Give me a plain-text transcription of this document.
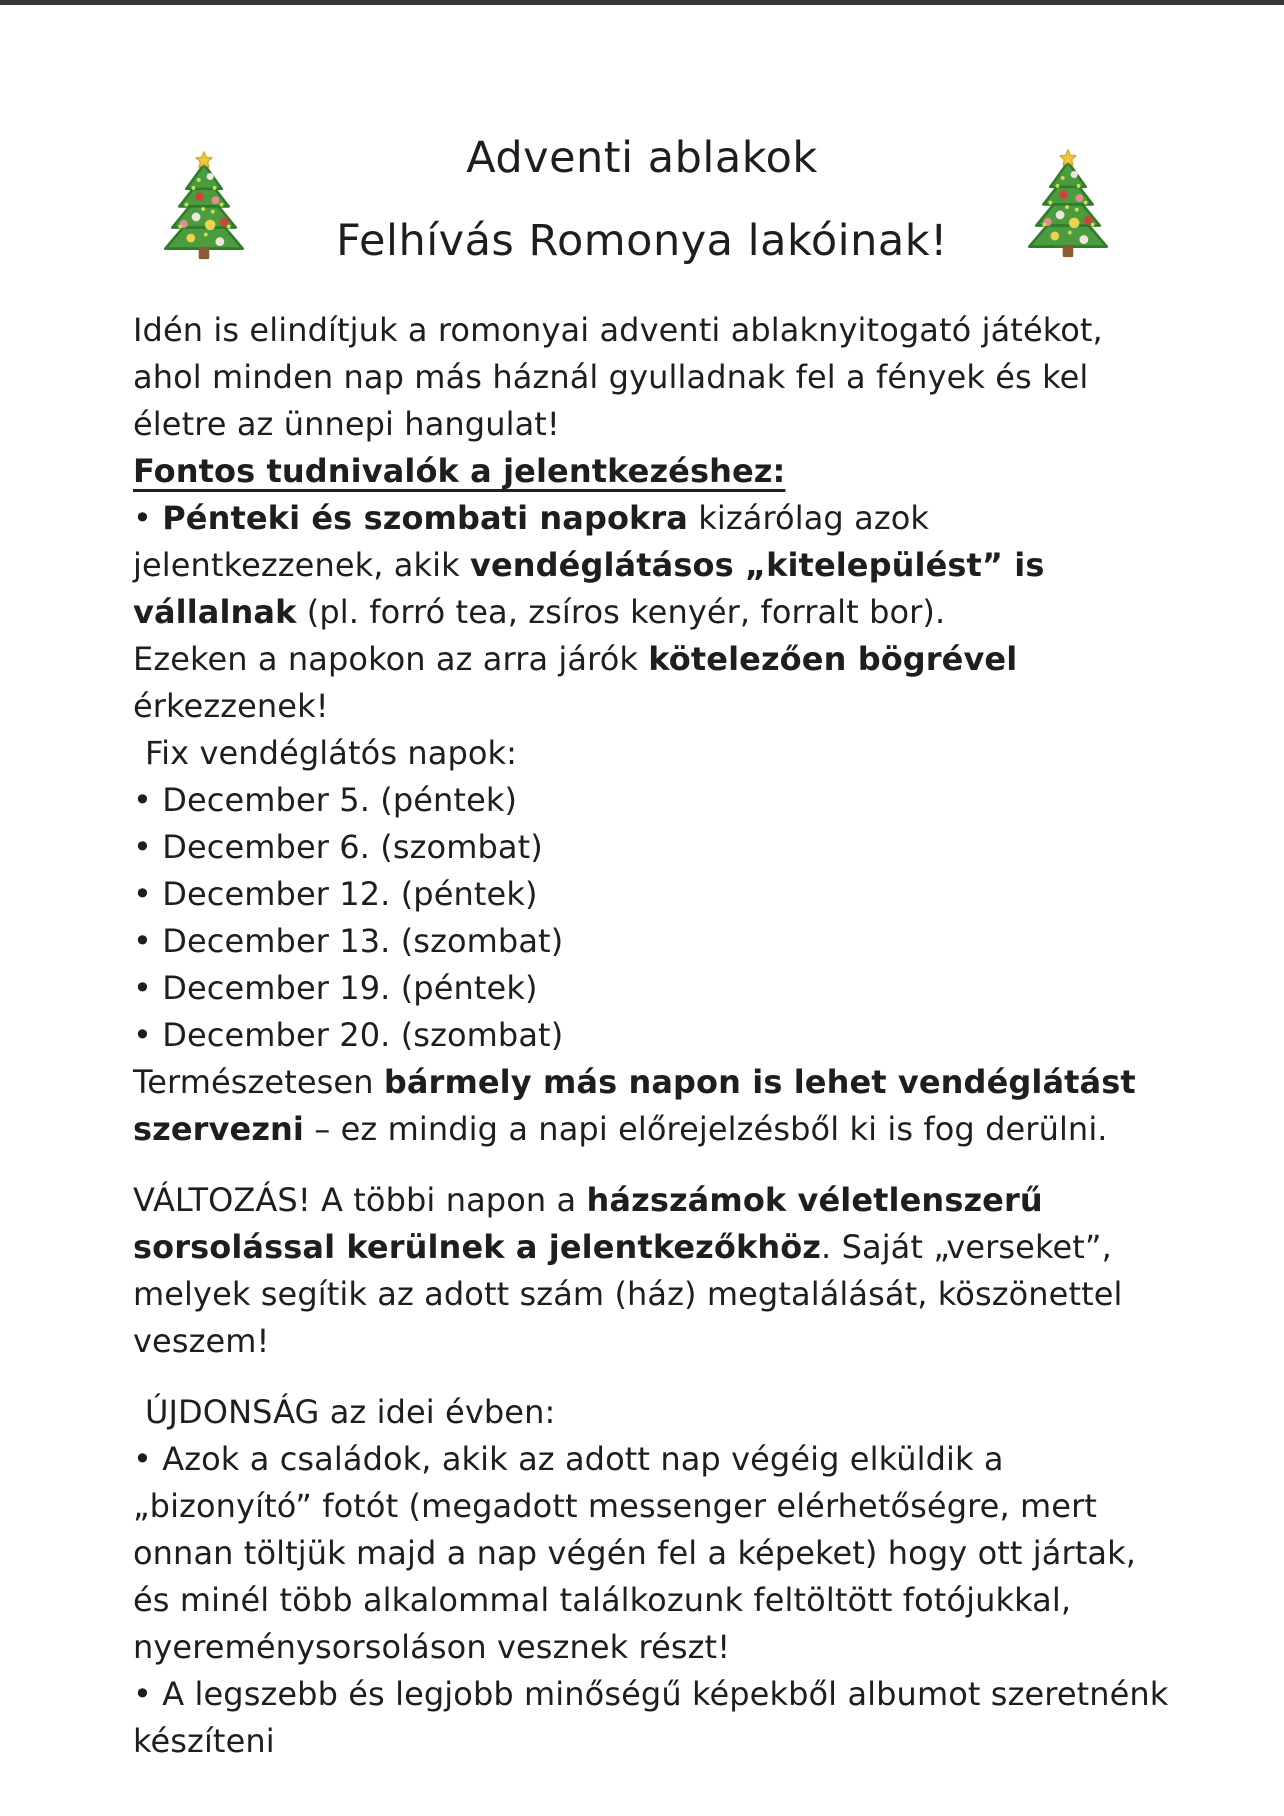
Adventi ablakok
Felhívás Romonya lakóinak!

Idén is elindítjuk a romonyai adventi ablaknyitogató játékot, ahol minden nap más háznál gyulladnak fel a fények és kel életre az ünnepi hangulat!

Fontos tudnivalók a jelentkezéshez:

• Pénteki és szombati napokra kizárólag azok jelentkezzenek, akik vendéglátásos „kitelepülést” is vállalnak (pl. forró tea, zsíros kenyér, forralt bor).

Ezeken a napokon az arra járók kötelezően bögrével érkezzenek!

Fix vendéglátós napok:

• December 5. (péntek)

• December 6. (szombat)

• December 12. (péntek)

• December 13. (szombat)

• December 19. (péntek)

• December 20. (szombat)

Természetesen bármely más napon is lehet vendéglátást szervezni – ez mindig a napi előrejelzésből ki is fog derülni.

VÁLTOZÁS! A többi napon a házszámok véletlenszerű sorsolással kerülnek a jelentkezőkhöz. Saját „verseket”, melyek segítik az adott szám (ház) megtalálását, köszönettel veszem!

ÚJDONSÁG az idei évben:

• Azok a családok, akik az adott nap végéig elküldik a „bizonyító” fotót (megadott messenger elérhetőségre, mert onnan töltjük majd a nap végén fel a képeket) hogy ott jártak, és minél több alkalommal találkozunk feltöltött fotójukkal, nyereménysorsoláson vesznek részt!

• A legszebb és legjobb minőségű képekből albumot szeretnénk készíteni
